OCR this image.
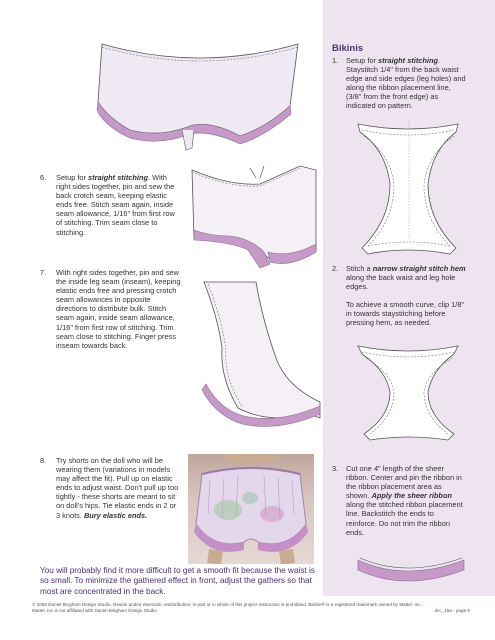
6. Setup for straight stitching. With right sides together, pin and sew the back crotch seam, keeping elastic ends free. Stitch seam again, inside seam allowance, 1/16" from first row of stitching. Trim seam close to stitching.
7. With right sides together, pin and sew the inside leg seam (inseam), keeping elastic ends free and pressing crotch seam allowances in opposite directions to distribute bulk. Stitch seam again, inside seam allowance, 1/16" from first row of stitching. Trim seam close to stitching. Finger press inseam towards back.
8. Try shorts on the doll who will be wearing them (variations in models may affect the fit). Pull up on elastic ends to adjust waist. Don't pull up too tightly - these shorts are meant to sit on doll's hips. Tie elastic ends in 2 or 3 knots. Bury elastic ends.
Bikinis
1. Setup for straight stitching. Staystitch 1/4" from the back waist edge and side edges (leg holes) and along the ribbon placement line, (3/8" from the front edge) as indicated on pattern.
2. Stitch a narrow straight stitch hem along the back waist and leg hole edges.
To achieve a smooth curve, clip 1/8" in towards staystitching before pressing hem, as needed.
3. Cut one 4" length of the sheer ribbon. Center and pin the ribbon in the ribbon placement area as shown. Apply the sheer ribbon along the stitched ribbon placement line. Backstitch the ends to reinforce. Do not trim the ribbon ends.
You will probably find it more difficult to get a smooth fit because the waist is so small. To minimize the gathered effect in front, adjust the gathers so that most are concentrated in the back.
© 2008 Daniel Bingham Design Studio. Resale and/or electronic redistribution, in part or in whole of this project instruction is prohibited. Barbie® is a registered trademark owned by Mattel, Inc.
Mattel, Inc.is not affiliated with Daniel Bingham Design Studio.	dvc_15a - page 6
